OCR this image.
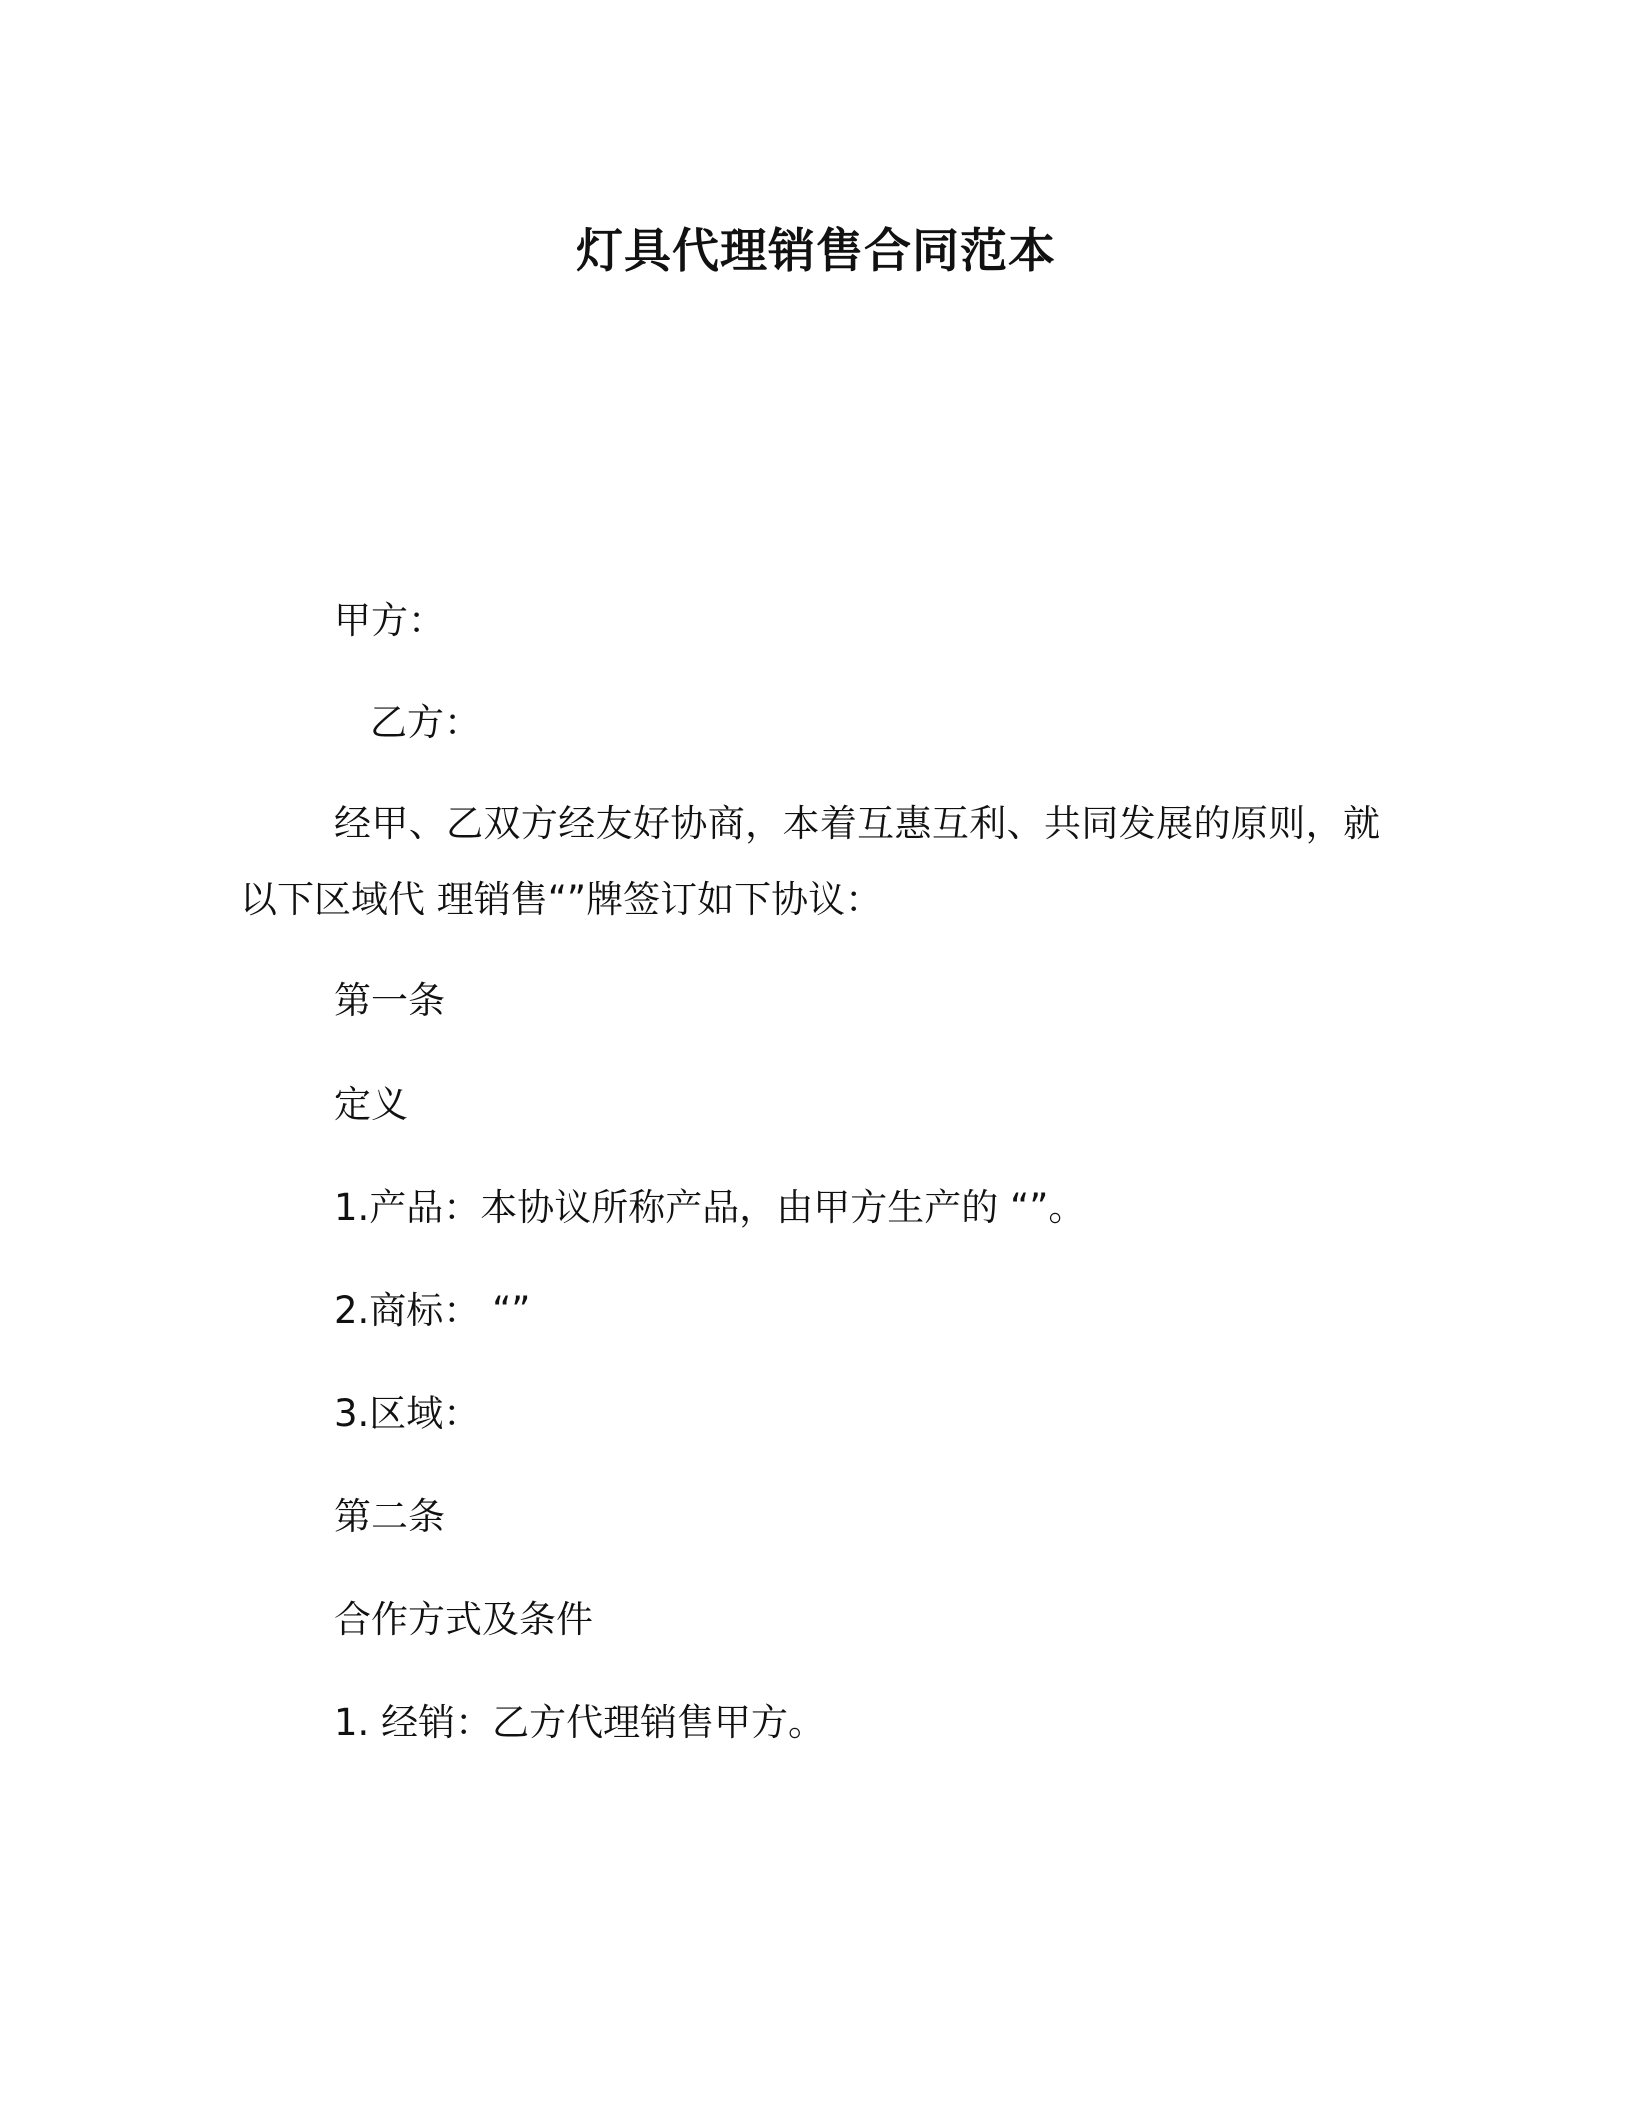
灯具代理销售合同范本
甲方：
乙方：
经甲、乙双方经友好协商，本着互惠互利、共同发展的原则，就以下区域代 理销售“”牌签订如下协议：
第一条
定义
1.产品：本协议所称产品，由甲方生产的 “”。
2.商标： “”
3.区域：
第二条
合作方式及条件
1. 经销：乙方代理销售甲方。
